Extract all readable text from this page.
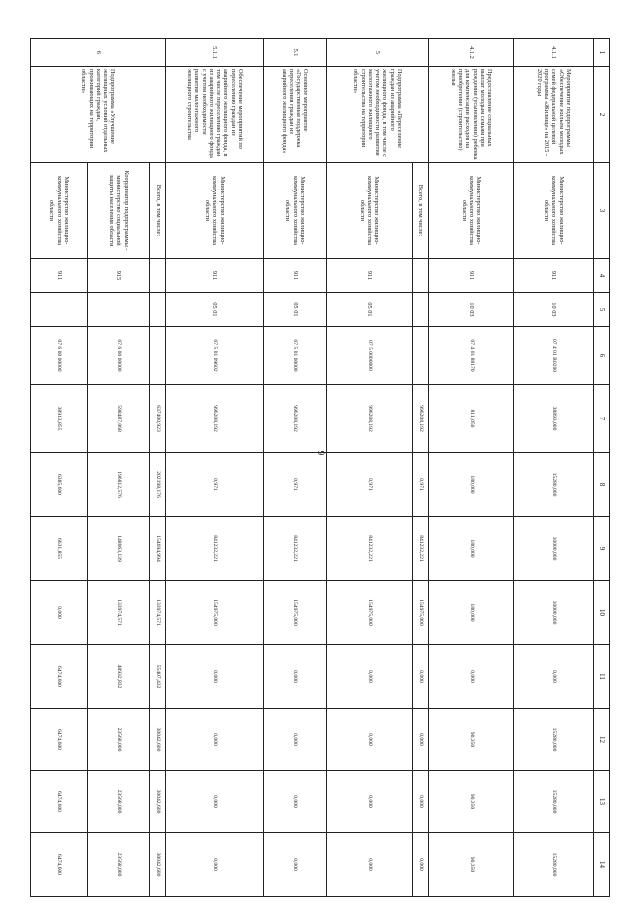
9
1	2	3	4	5	6	7	8	9	10	11	12	13	14
4.1.1	Мероприятие подпрограммы «Обеспечение жильем молодых семей федеральной целевой программы «Жилище» на 2015 - 2020 годы	Министерство жилищно-коммунального хозяйства области	911	10 03	07 4 01 R0200	38893,000	15280,000	10000,000	10000,000	0,000	15280,000	15280,000	15280,000
4.1.2	Предоставление социальных выплат молодым семьям при рождении (усыновлении) ребенка для компенсации расходов на приобретение (строительство) жилья	Министерство жилищно-коммунального хозяйства области	911	10 03	07 4 01 88170	811,050	180,000	180,000	180,000	0,000	90,350	90,350	90,350
5	Подпрограмма «Переселение граждан из аварийного жилищного фонда, в том числе с учетом необходимости развития малоэтажного жилищного строительства на территории области»	Всего, в том числе:				996208,192	0,971	841232,221	154975,000	0,000	0,000	0,000	0,000
		Министерство жилищно-коммунального хозяйства области	911	05 01	07 5 0000000	996208,192	0,971	841232,221	154975,000	0,000	0,000	0,000	0,000
5.1	Основное мероприятие «Государственная поддержка переселения граждан из аварийного жилищного фонда»	Министерство жилищно-коммунального хозяйства области	911	05 01	07 5 01 00000	996208,192	0,971	841232,221	154975,000	0,000	0,000	0,000	0,000
5.1.1	Обеспечение мероприятий по переселению граждан из аварийного жилищного фонда, в том числе переселению граждан из аварийного жилищного фонда с учетом необходимости развития малоэтажного жилищного строительства	Министерство жилищно-коммунального хозяйства области	911	05 01	07 5 01 09602	996208,192	0,971	841232,221	154975,000	0,000	0,000	0,000	0,000
6	Подпрограмма «Улучшение жилищных условий отдельных категорий граждан, проживающих на территории области»	Всего, в том числе:				637400,923	202198,176	154694,994	133974,571	55407,432	30042,600	30042,600	30042,600
		Координатор подпрограммы - министерство социальной защиты населения области	915		07 6 00 00000	598487,068	196812,576	148063,139	133974,571	48932,832	23568,000	23568,000	23568,000
		Министерство жилищно-коммунального хозяйства области	911		07 6 00 00000	38913,855	6385,600	6631,855	0,000	6474,600	6474,600	6474,600	6474,600
